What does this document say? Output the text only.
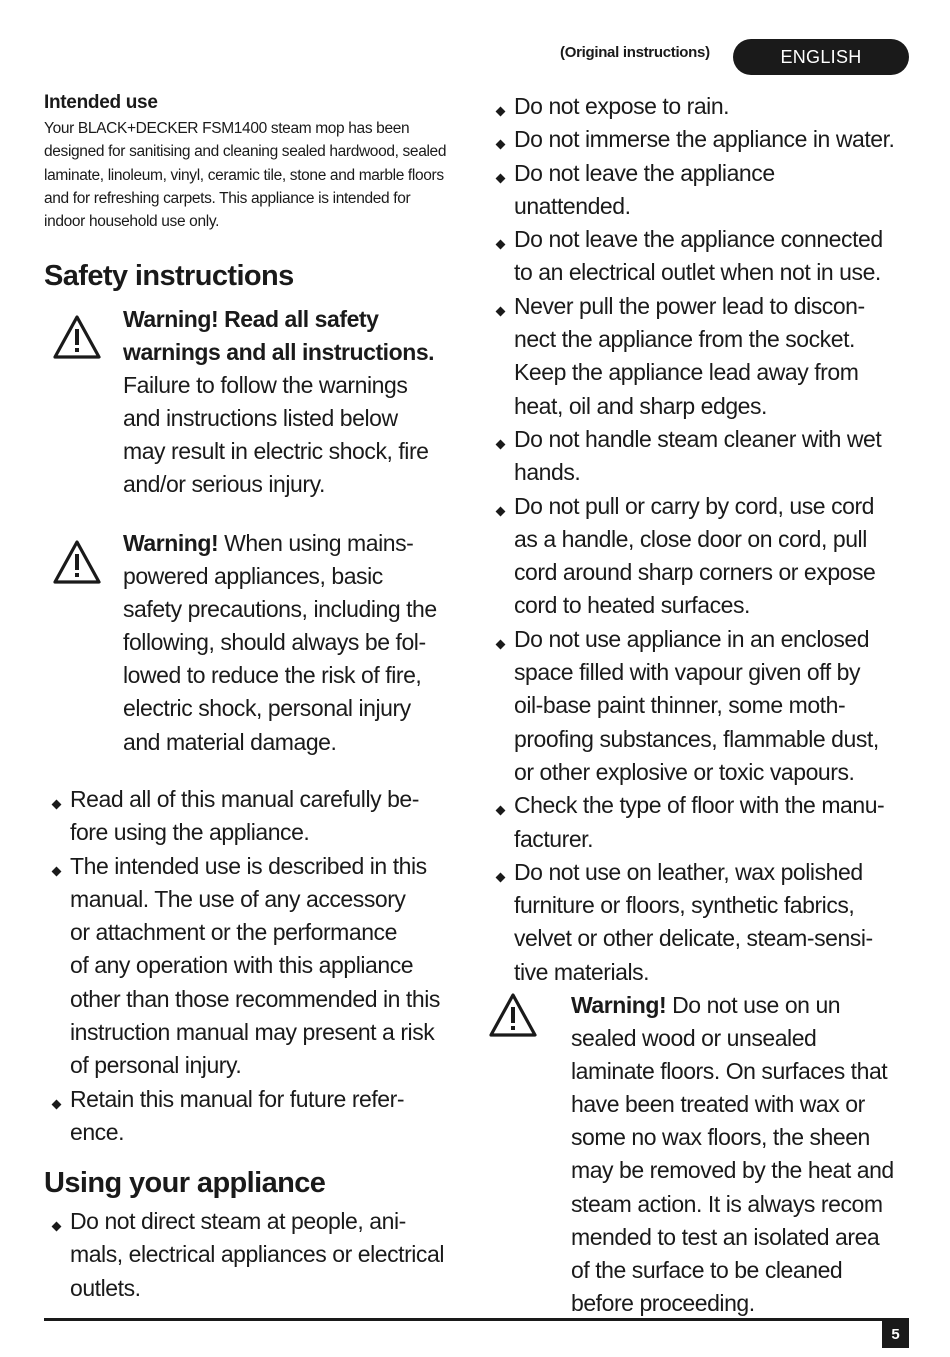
(Original instructions)	ENGLISH
Intended use
Your BLACK+DECKER FSM1400 steam mop has been
designed for sanitising and cleaning sealed hardwood, sealed
laminate, linoleum, vinyl, ceramic tile, stone and marble floors
and for refreshing carpets. This appliance is intended for
indoor household use only.
Safety instructions
Warning! Read all safety
warnings and all instructions.
Failure to follow the warnings
and instructions listed below
may result in electric shock, fire
and/or serious injury.
Warning! When using mains-
powered appliances, basic
safety precautions, including the
following, should always be fol-
lowed to reduce the risk of fire,
electric shock, personal injury
and material damage.
Read all of this manual carefully be-
fore using the appliance.
The intended use is described in this
manual. The use of any accessory
or attachment or the performance
of any operation with this appliance
other than those recommended in this
instruction manual may present a risk
of personal injury.
Retain this manual for future refer-
ence.
Using your appliance
Do not direct steam at people, ani-
mals, electrical appliances or electrical
outlets.
Do not expose to rain.
Do not immerse the appliance in water.
Do not leave the appliance
unattended.
Do not leave the appliance connected
to an electrical outlet when not in use.
Never pull the power lead to discon-
nect the appliance from the socket.
Keep the appliance lead away from
heat, oil and sharp edges.
Do not handle steam cleaner with wet
hands.
Do not pull or carry by cord, use cord
as a handle, close door on cord, pull
cord around sharp corners or expose
cord to heated surfaces.
Do not use appliance in an enclosed
space filled with vapour given off by
oil-base paint thinner, some moth-
proofing substances, flammable dust,
or other explosive or toxic vapours.
Check the type of floor with the manu-
facturer.
Do not use on leather, wax polished
furniture or floors, synthetic fabrics,
velvet or other delicate, steam-sensi-
tive materials.
Warning! Do not use on un
sealed wood or unsealed
laminate floors. On surfaces that
have been treated with wax or
some no wax floors, the sheen
may be removed by the heat and
steam action. It is always recom
mended to test an isolated area
of the surface to be cleaned
before proceeding.
5
